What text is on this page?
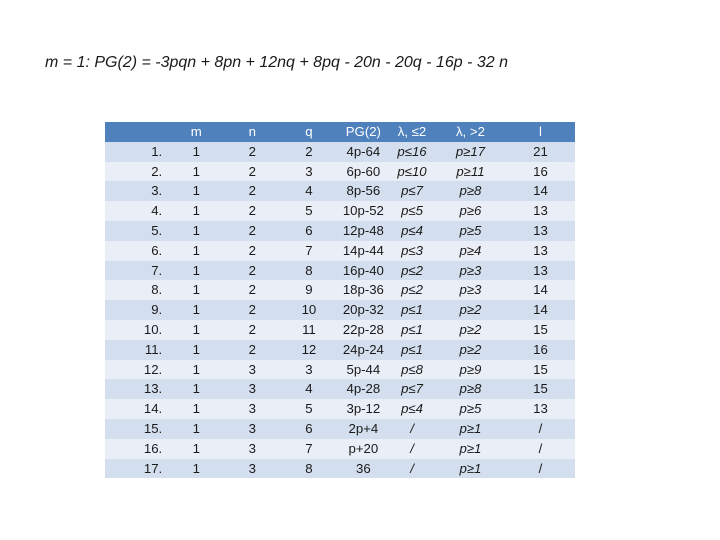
m = 1: PG(2) = -3pqn + 8pn + 12nq + 8pq - 20n - 20q - 16p - 32 n
	m	n	q	PG(2)	λ, ≤2	λ, >2	l
1.	1	2	2	4p-64	p≤16	p≥17	21
2.	1	2	3	6p-60	p≤10	p≥11	16
3.	1	2	4	8p-56	p≤7	p≥8	14
4.	1	2	5	10p-52	p≤5	p≥6	13
5.	1	2	6	12p-48	p≤4	p≥5	13
6.	1	2	7	14p-44	p≤3	p≥4	13
7.	1	2	8	16p-40	p≤2	p≥3	13
8.	1	2	9	18p-36	p≤2	p≥3	14
9.	1	2	10	20p-32	p≤1	p≥2	14
10.	1	2	11	22p-28	p≤1	p≥2	15
11.	1	2	12	24p-24	p≤1	p≥2	16
12.	1	3	3	5p-44	p≤8	p≥9	15
13.	1	3	4	4p-28	p≤7	p≥8	15
14.	1	3	5	3p-12	p≤4	p≥5	13
15.	1	3	6	2p+4	/	p≥1	/
16.	1	3	7	p+20	/	p≥1	/
17.	1	3	8	36	/	p≥1	/
